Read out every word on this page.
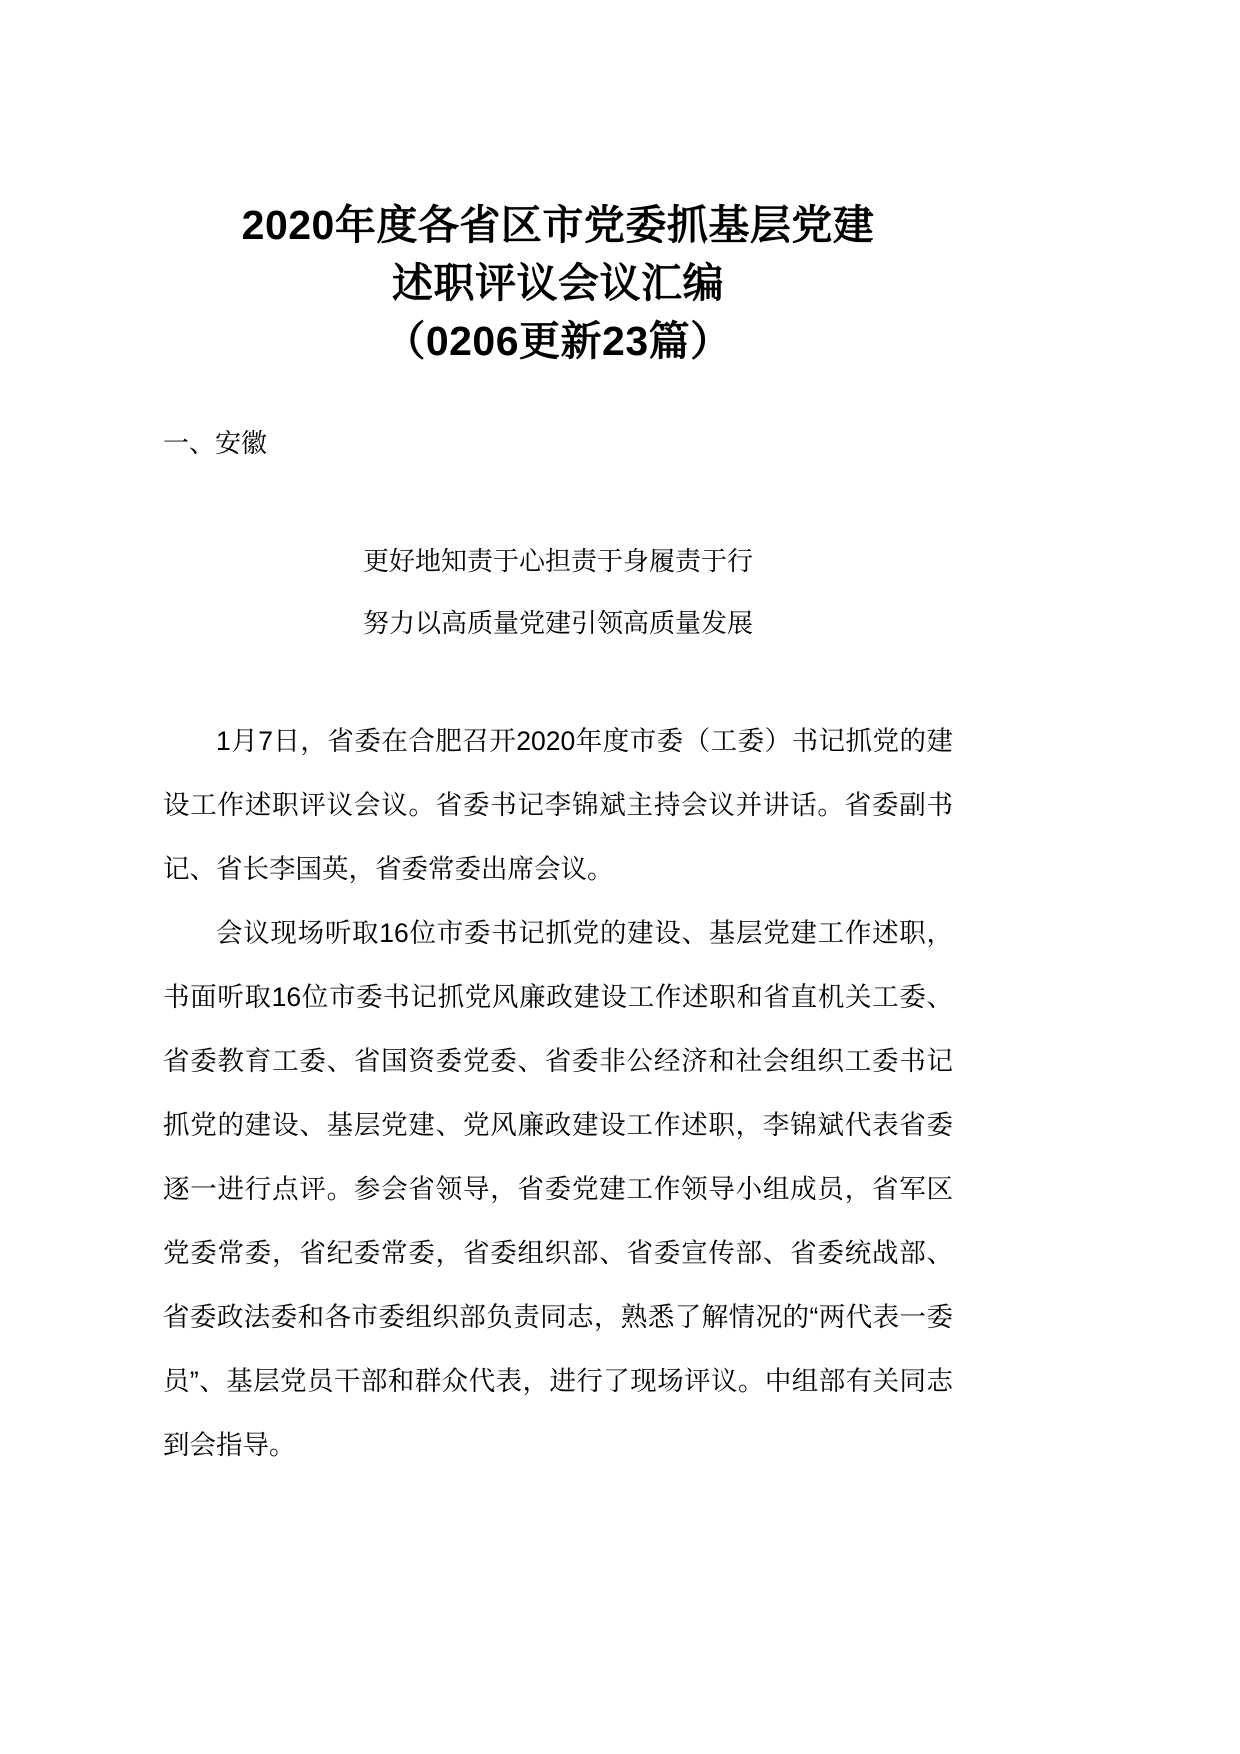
2020年度各省区市党委抓基层党建
述职评议会议汇编
（0206更新23篇）
一、安徽
更好地知责于心担责于身履责于行
努力以高质量党建引领高质量发展

1月7日，省委在合肥召开2020年度市委（工委）书记抓党的建设工作述职评议会议。省委书记李锦斌主持会议并讲话。省委副书记、省长李国英，省委常委出席会议。

会议现场听取16位市委书记抓党的建设、基层党建工作述职，书面听取16位市委书记抓党风廉政建设工作述职和省直机关工委、省委教育工委、省国资委党委、省委非公经济和社会组织工委书记抓党的建设、基层党建、党风廉政建设工作述职，李锦斌代表省委逐一进行点评。参会省领导，省委党建工作领导小组成员，省军区党委常委，省纪委常委，省委组织部、省委宣传部、省委统战部、省委政法委和各市委组织部负责同志，熟悉了解情况的“两代表一委员”、基层党员干部和群众代表，进行了现场评议。中组部有关同志到会指导。
